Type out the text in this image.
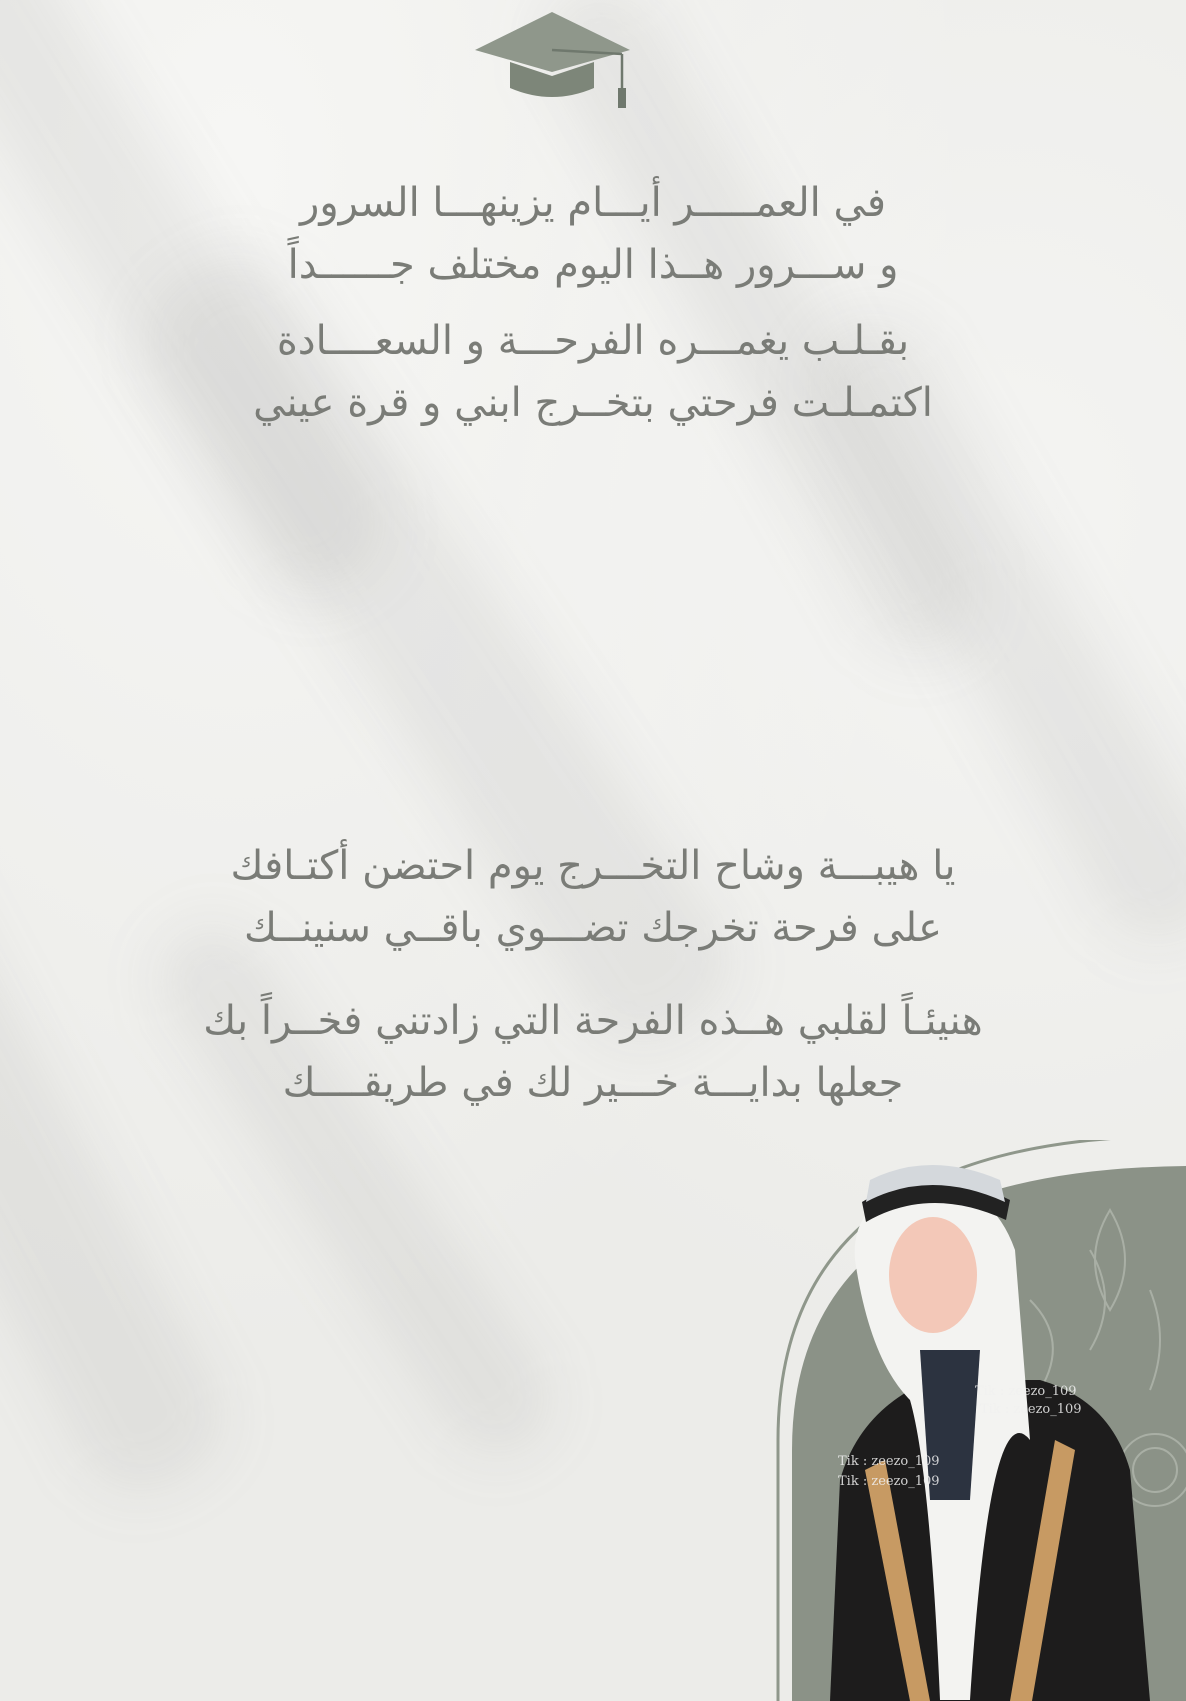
في العمـــــر أيـــام يزينهـــا السرور
و ســـرور هــذا اليوم مختلف جــــــداً
بقـلـب يغمـــره الفرحـــة و السعــــادة
اكتمـلـت فرحتي بتخــرج ابني و قرة عيني
يا هيبـــة وشاح التخـــرج يوم احتضن أكتـافك
على فرحة تخرجك تضـــوي باقــي سنينــك
هنيئـاً لقلبي هــذه الفرحة التي زادتني فخــراً بك
جعلها بدايـــة خـــير لك في طريقــــك
Tik : zeezo_109
Tik : zeezo_109
Tik : zeezo_109
Tik : zeezo_109
